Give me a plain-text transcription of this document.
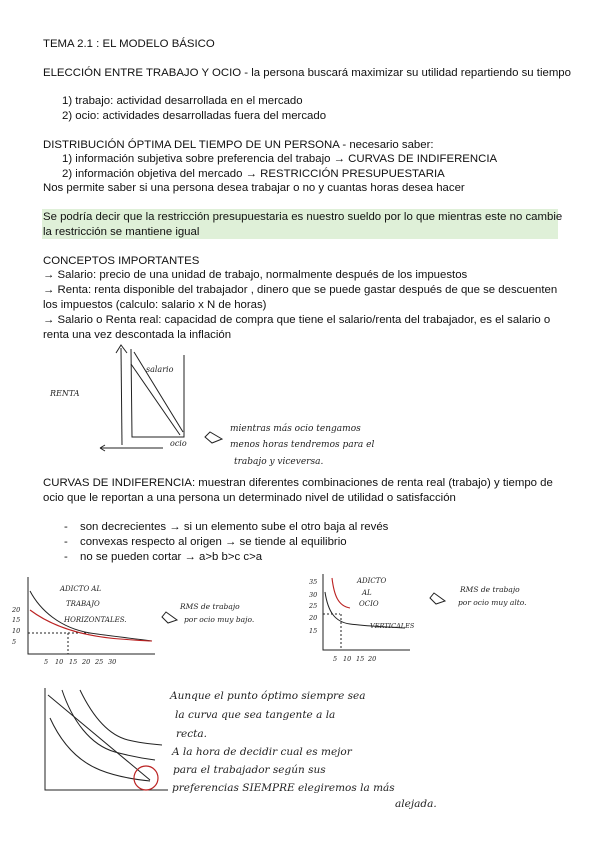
TEMA 2.1 : EL MODELO BÁSICO
ELECCIÓN ENTRE TRABAJO Y OCIO - la persona buscará maximizar su utilidad repartiendo su tiempo
1) trabajo: actividad desarrollada en el mercado
2) ocio: actividades desarrolladas fuera del mercado
DISTRIBUCIÓN ÓPTIMA DEL TIEMPO DE UN PERSONA - necesario saber:
1) información subjetiva sobre preferencia del trabajo → CURVAS DE INDIFERENCIA
2) información objetiva del mercado → RESTRICCIÓN PRESUPUESTARIA
Nos permite saber si una persona desea trabajar o no y cuantas horas desea hacer
Se podría decir que la restricción presupuestaria es nuestro sueldo por lo que mientras este no cambie
la restricción se mantiene igual
CONCEPTOS IMPORTANTES
→ Salario: precio de una unidad de trabajo, normalmente después de los impuestos
→ Renta: renta disponible del trabajador , dinero que se puede gastar después de que se descuenten
los impuestos (calculo: salario x N de horas)
→ Salario o Renta real: capacidad de compra que tiene el salario/renta del trabajador, es el salario o
renta una vez descontada la inflación
RENTA
salario
ocio
mientras más ocio tengamos
menos horas tendremos para el
trabajo y viceversa.
CURVAS DE INDIFERENCIA: muestran diferentes combinaciones de renta real (trabajo) y tiempo de
ocio que le reportan a una persona un determinado nivel de utilidad o satisfacción
- son decrecientes → si un elemento sube el otro baja al revés
- convexas respecto al origen → se tiende al equilibrio
- no se pueden cortar → a>b b>c c>a
ADICTO AL
TRABAJO
HORIZONTALES.
20
15
10
5
5 10 15 20 25 30
RMS de trabajo
por ocio muy bajo.
ADICTO
AL
OCIO
VERTICALES
35
30
25
20
15
5 10 15 20
RMS de trabajo
por ocio muy alto.
Aunque el punto óptimo siempre sea
la curva que sea tangente a la
recta.
A la hora de decidir cual es mejor
para el trabajador según sus
preferencias SIEMPRE elegiremos la más
alejada.
